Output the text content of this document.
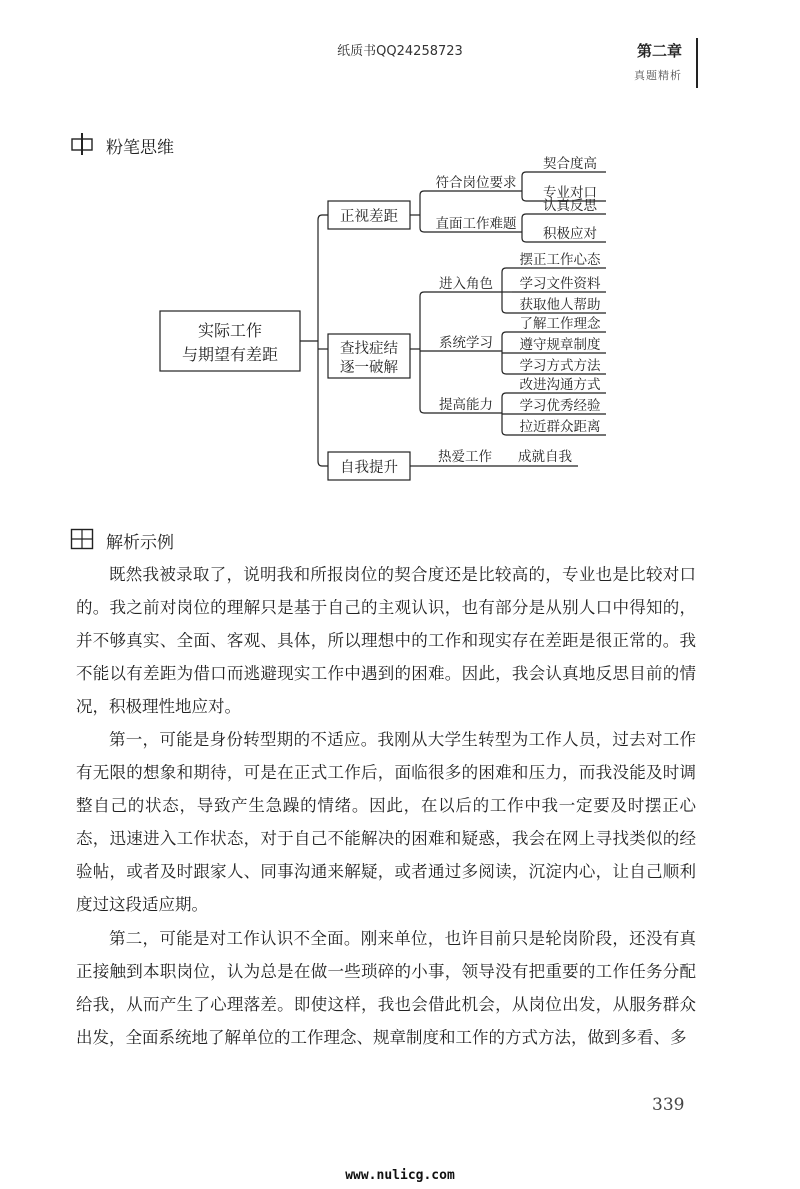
纸质书QQ24258723	第二章
真题精析
粉笔思维
实际工作
与期望有差距
正视差距
查找症结
逐一破解
自我提升
符合岗位要求
直面工作难题
契合度高
专业对口
认真反思
积极应对
进入角色
系统学习
提高能力
摆正工作心态
学习文件资料
获取他人帮助
了解工作理念
遵守规章制度
学习方式方法
改进沟通方式
学习优秀经验
拉近群众距离
热爱工作 成就自我
解析示例

既然我被录取了，说明我和所报岗位的契合度还是比较高的，专业也是比较对口的。我之前对岗位的理解只是基于自己的主观认识，也有部分是从别人口中得知的，并不够真实、全面、客观、具体，所以理想中的工作和现实存在差距是很正常的。我不能以有差距为借口而逃避现实工作中遇到的困难。因此，我会认真地反思目前的情况，积极理性地应对。

第一，可能是身份转型期的不适应。我刚从大学生转型为工作人员，过去对工作有无限的想象和期待，可是在正式工作后，面临很多的困难和压力，而我没能及时调整自己的状态，导致产生急躁的情绪。因此，在以后的工作中我一定要及时摆正心态，迅速进入工作状态，对于自己不能解决的困难和疑惑，我会在网上寻找类似的经验帖，或者及时跟家人、同事沟通来解疑，或者通过多阅读，沉淀内心，让自己顺利度过这段适应期。

第二，可能是对工作认识不全面。刚来单位，也许目前只是轮岗阶段，还没有真正接触到本职岗位，认为总是在做一些琐碎的小事，领导没有把重要的工作任务分配给我，从而产生了心理落差。即使这样，我也会借此机会，从岗位出发，从服务群众出发，全面系统地了解单位的工作理念、规章制度和工作的方式方法，做到多看、多

339
www.nulicg.com
